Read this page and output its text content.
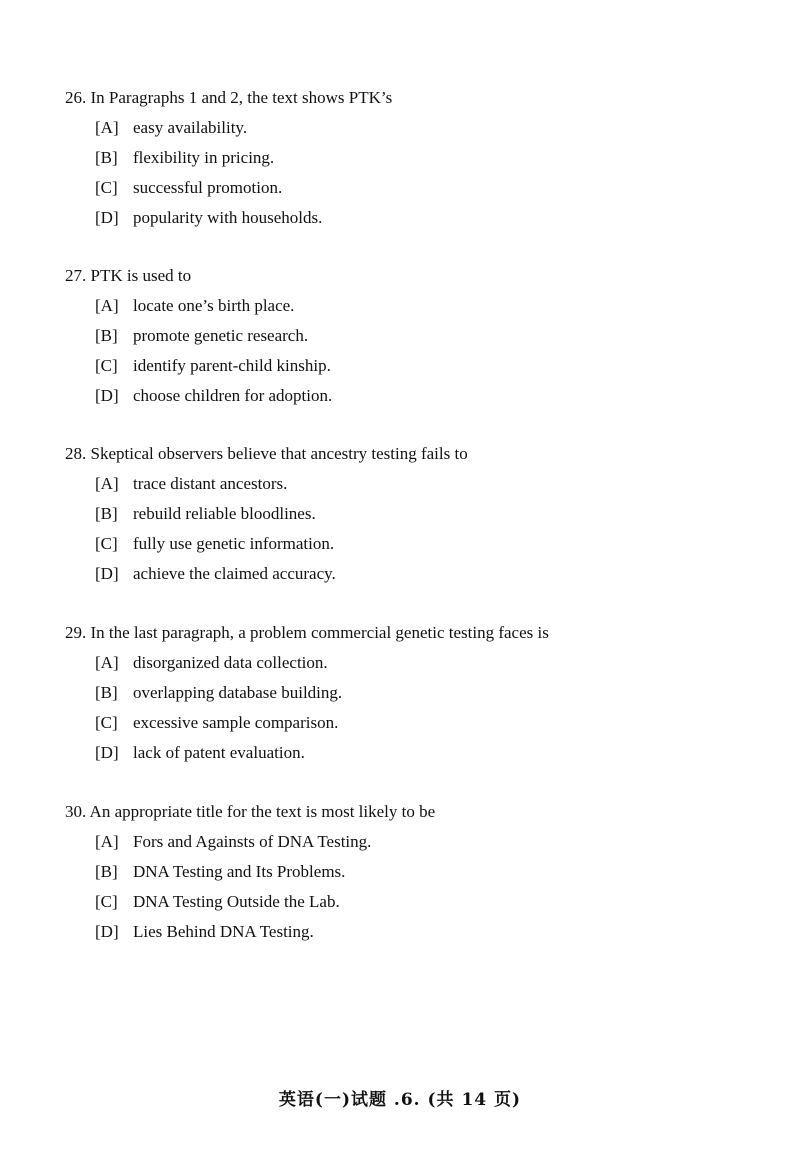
26. In Paragraphs 1 and 2, the text shows PTK’s
[A] easy availability.
[B] flexibility in pricing.
[C] successful promotion.
[D] popularity with households.
27. PTK is used to
[A] locate one’s birth place.
[B] promote genetic research.
[C] identify parent-child kinship.
[D] choose children for adoption.
28. Skeptical observers believe that ancestry testing fails to
[A] trace distant ancestors.
[B] rebuild reliable bloodlines.
[C] fully use genetic information.
[D] achieve the claimed accuracy.
29. In the last paragraph, a problem commercial genetic testing faces is
[A] disorganized data collection.
[B] overlapping database building.
[C] excessive sample comparison.
[D] lack of patent evaluation.
30. An appropriate title for the text is most likely to be
[A] Fors and Againsts of DNA Testing.
[B] DNA Testing and Its Problems.
[C] DNA Testing Outside the Lab.
[D] Lies Behind DNA Testing.
英语(一)试题 .6. (共 14 页)
